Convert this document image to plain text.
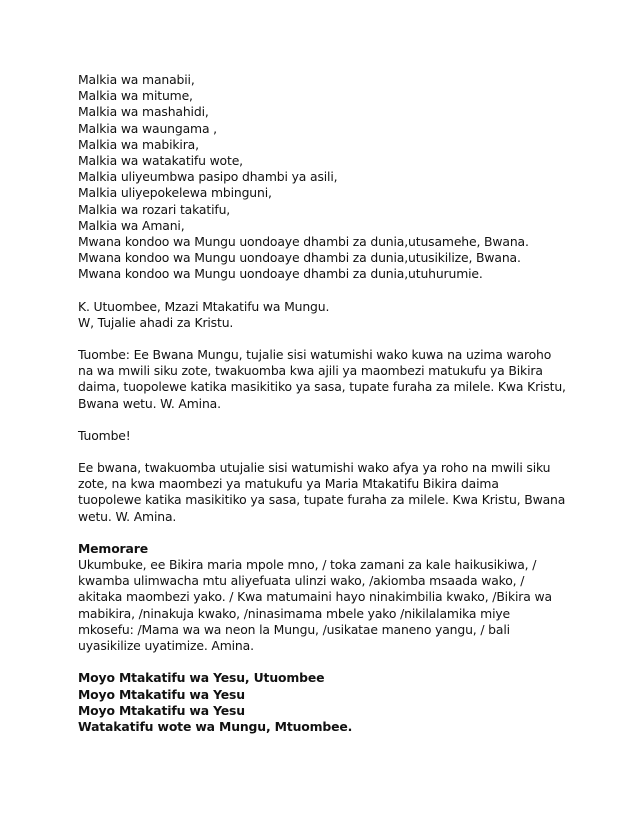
Malkia wa manabii,
Malkia wa mitume,
Malkia wa mashahidi,
Malkia wa waungama ,
Malkia wa mabikira,
Malkia wa watakatifu wote,
Malkia uliyeumbwa pasipo dhambi ya asili,
Malkia uliyepokelewa mbinguni,
Malkia wa rozari takatifu,
Malkia wa Amani,
Mwana kondoo wa Mungu uondoaye dhambi za dunia,utusamehe, Bwana.
Mwana kondoo wa Mungu uondoaye dhambi za dunia,utusikilize, Bwana.
Mwana kondoo wa Mungu uondoaye dhambi za dunia,utuhurumie.
K. Utuombee, Mzazi Mtakatifu wa Mungu.
W, Tujalie ahadi za Kristu.
Tuombe: Ee Bwana Mungu, tujalie sisi watumishi wako kuwa na uzima waroho
na wa mwili siku zote, twakuomba kwa ajili ya maombezi matukufu ya Bikira
daima, tuopolewe katika masikitiko ya sasa, tupate furaha za milele. Kwa Kristu,
Bwana wetu. W. Amina.
Tuombe!
Ee bwana, twakuomba utujalie sisi watumishi wako afya ya roho na mwili siku
zote, na kwa maombezi ya matukufu ya Maria Mtakatifu Bikira daima
tuopolewe katika masikitiko ya sasa, tupate furaha za milele. Kwa Kristu, Bwana
wetu. W. Amina.
Memorare
Ukumbuke, ee Bikira maria mpole mno, / toka zamani za kale haikusikiwa, /
kwamba ulimwacha mtu aliyefuata ulinzi wako, /akiomba msaada wako, /
akitaka maombezi yako. / Kwa matumaini hayo ninakimbilia kwako, /Bikira wa
mabikira, /ninakuja kwako, /ninasimama mbele yako /nikilalamika miye
mkosefu: /Mama wa wa neon la Mungu, /usikatae maneno yangu, / bali
uyasikilize uyatimize. Amina.
Moyo Mtakatifu wa Yesu, Utuombee
Moyo Mtakatifu wa Yesu
Moyo Mtakatifu wa Yesu
Watakatifu wote wa Mungu, Mtuombee.
